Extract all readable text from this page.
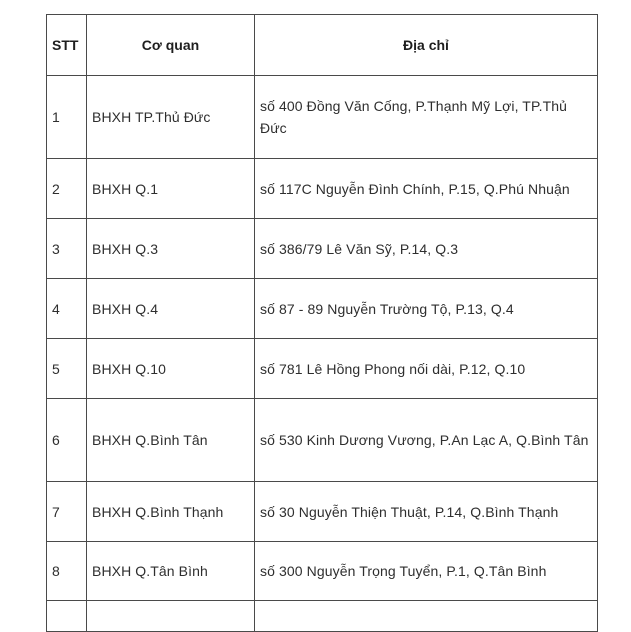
STT	Cơ quan	Địa chỉ
1	BHXH TP.Thủ Đức	số 400 Đồng Văn Cống, P.Thạnh Mỹ Lợi, TP.Thủ Đức
2	BHXH Q.1	số 117C Nguyễn Đình Chính, P.15, Q.Phú Nhuận
3	BHXH Q.3	số 386/79 Lê Văn Sỹ, P.14, Q.3
4	BHXH Q.4	số 87 - 89 Nguyễn Trường Tộ, P.13, Q.4
5	BHXH Q.10	số 781 Lê Hồng Phong nối dài, P.12, Q.10
6	BHXH Q.Bình Tân	số 530 Kinh Dương Vương, P.An Lạc A, Q.Bình Tân
7	BHXH Q.Bình Thạnh	số 30 Nguyễn Thiện Thuật, P.14, Q.Bình Thạnh
8	BHXH Q.Tân Bình	số 300 Nguyễn Trọng Tuyển, P.1, Q.Tân Bình
